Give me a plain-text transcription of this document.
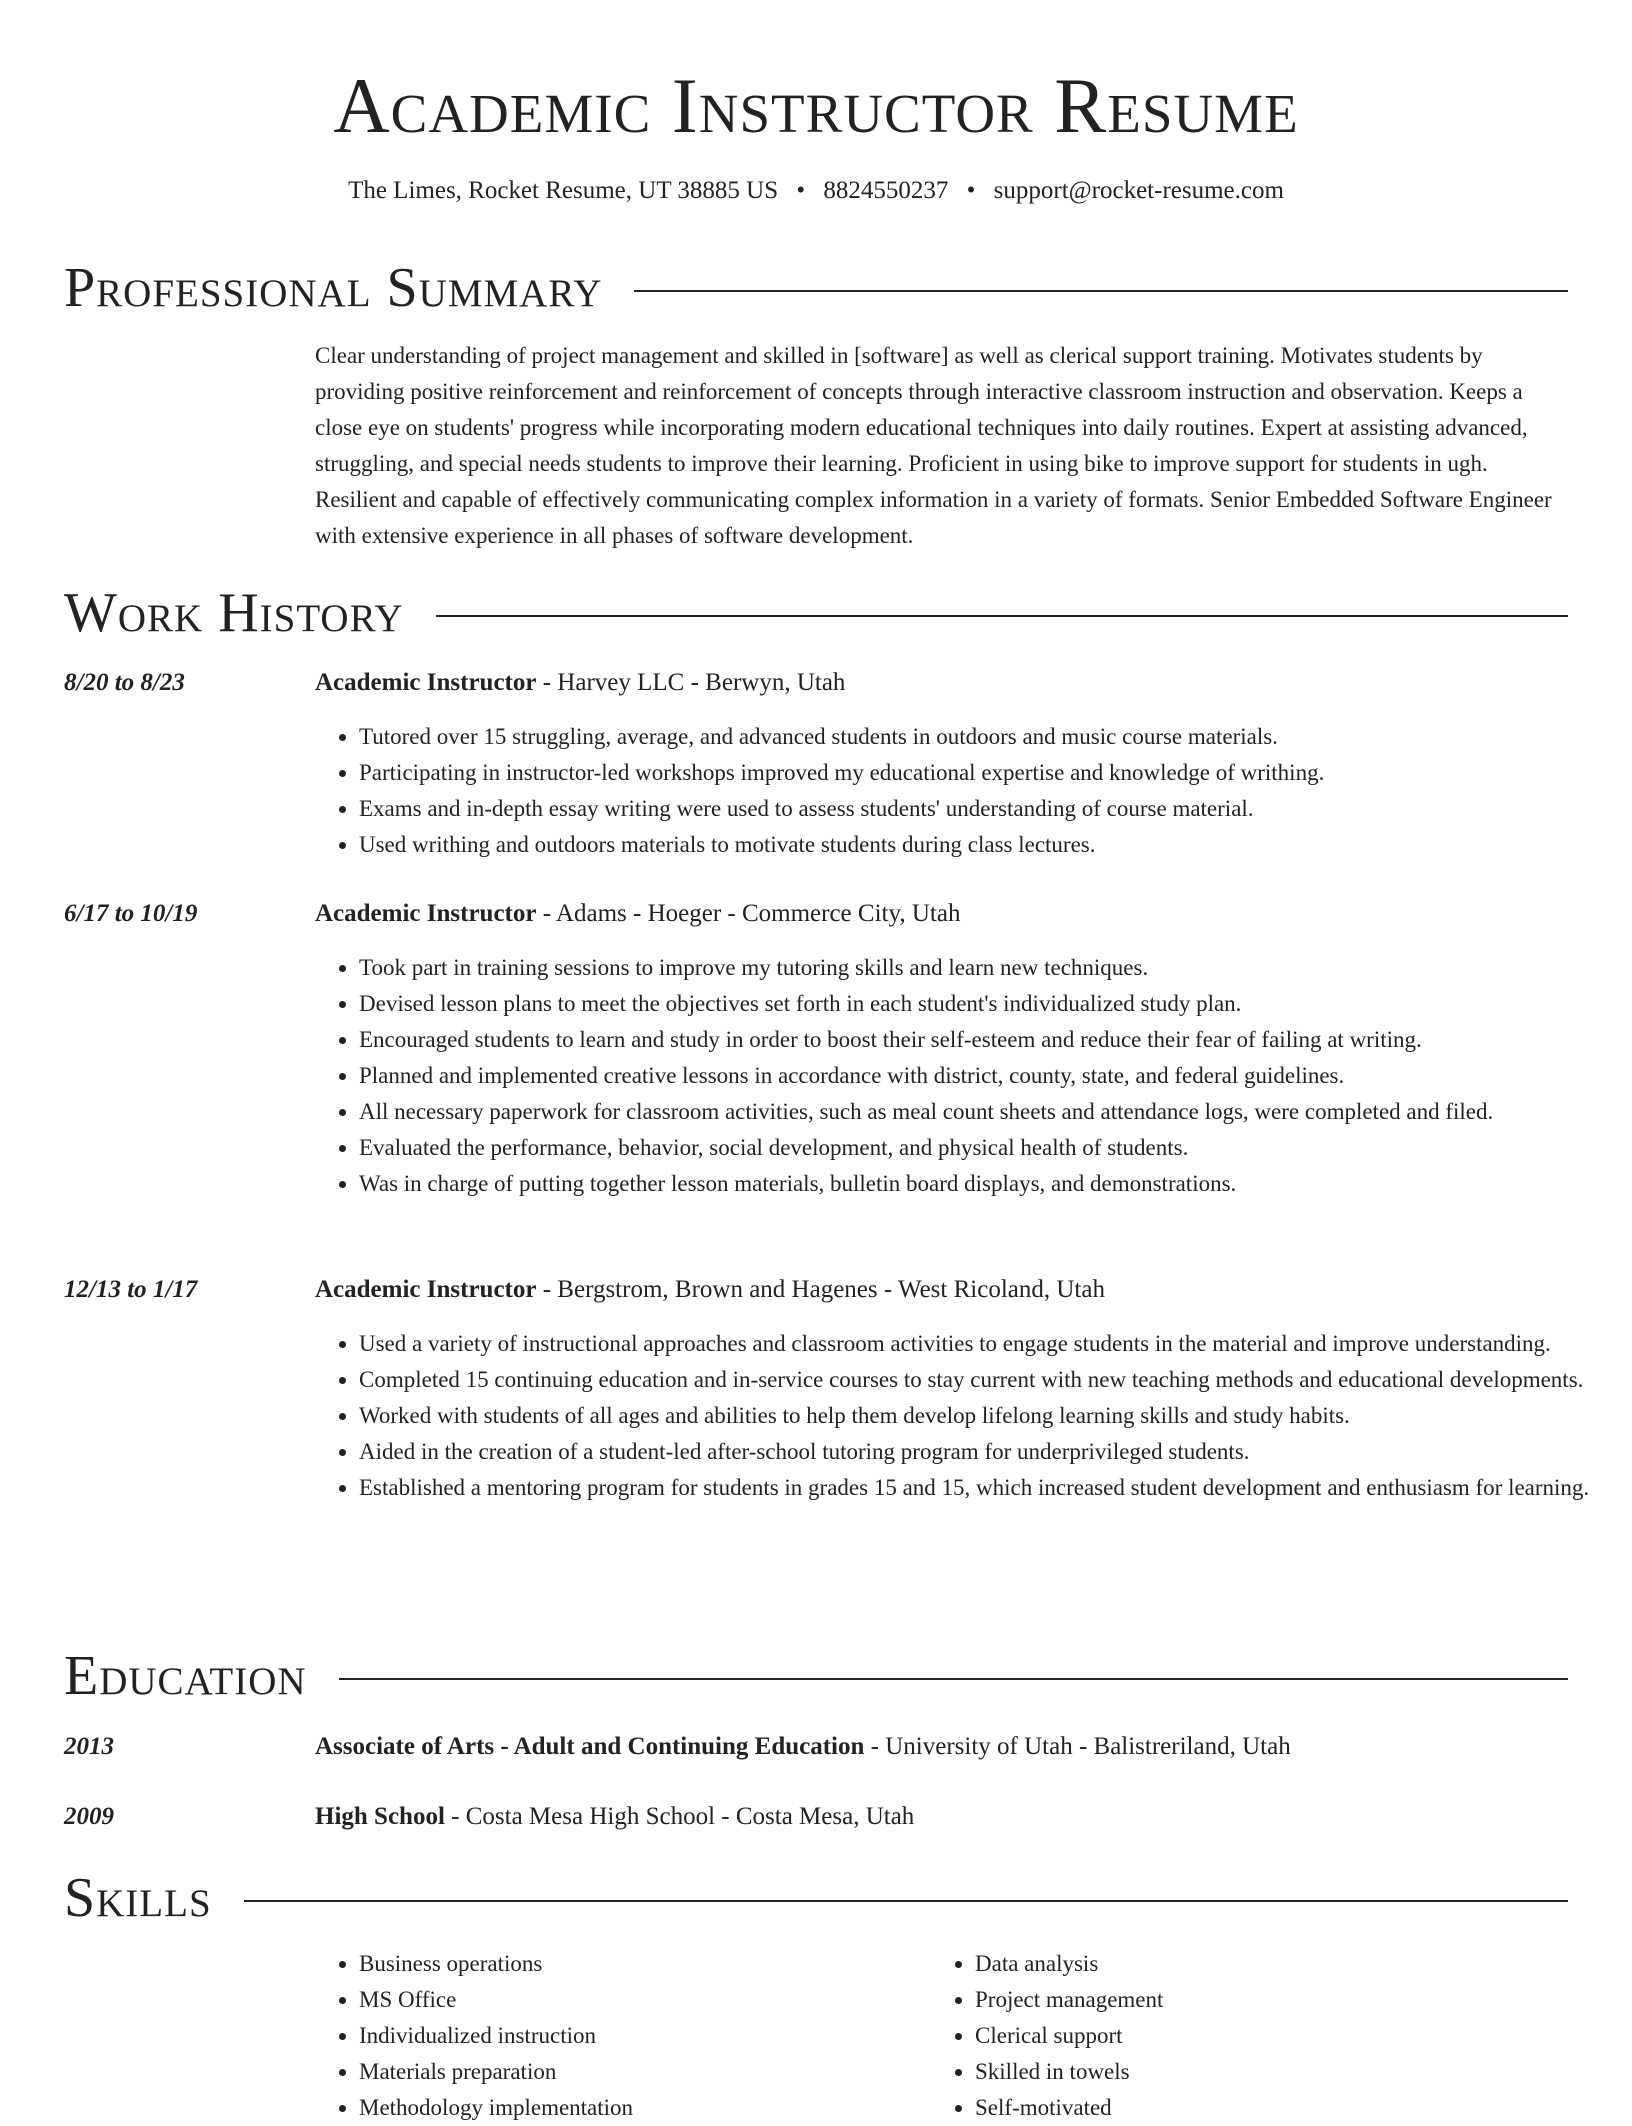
Academic Instructor Resume
The Limes, Rocket Resume, UT 38885 US • 8824550237 • support@rocket-resume.com
Professional Summary

Clear understanding of project management and skilled in [software] as well as clerical support training. Motivates students by providing positive reinforcement and reinforcement of concepts through interactive classroom instruction and observation. Keeps a close eye on students' progress while incorporating modern educational techniques into daily routines. Expert at assisting advanced, struggling, and special needs students to improve their learning. Proficient in using bike to improve support for students in ugh. Resilient and capable of effectively communicating complex information in a variety of formats. Senior Embedded Software Engineer with extensive experience in all phases of software development.

Work History
8/20 to 8/23	Academic Instructor - Harvey LLC - Berwyn, Utah
• Tutored over 15 struggling, average, and advanced students in outdoors and music course materials.
• Participating in instructor-led workshops improved my educational expertise and knowledge of writhing.
• Exams and in-depth essay writing were used to assess students' understanding of course material.
• Used writhing and outdoors materials to motivate students during class lectures.
6/17 to 10/19	Academic Instructor - Adams - Hoeger - Commerce City, Utah
• Took part in training sessions to improve my tutoring skills and learn new techniques.
• Devised lesson plans to meet the objectives set forth in each student's individualized study plan.
• Encouraged students to learn and study in order to boost their self-esteem and reduce their fear of failing at writing.
• Planned and implemented creative lessons in accordance with district, county, state, and federal guidelines.
• All necessary paperwork for classroom activities, such as meal count sheets and attendance logs, were completed and filed.
• Evaluated the performance, behavior, social development, and physical health of students.
• Was in charge of putting together lesson materials, bulletin board displays, and demonstrations.
12/13 to 1/17	Academic Instructor - Bergstrom, Brown and Hagenes - West Ricoland, Utah
• Used a variety of instructional approaches and classroom activities to engage students in the material and improve understanding.
• Completed 15 continuing education and in-service courses to stay current with new teaching methods and educational developments.
• Worked with students of all ages and abilities to help them develop lifelong learning skills and study habits.
• Aided in the creation of a student-led after-school tutoring program for underprivileged students.
• Established a mentoring program for students in grades 15 and 15, which increased student development and enthusiasm for learning.
Education
2013	Associate of Arts - Adult and Continuing Education - University of Utah - Balistreriland, Utah
2009	High School - Costa Mesa High School - Costa Mesa, Utah
Skills
• Business operations
• MS Office
• Individualized instruction
• Materials preparation
• Methodology implementation
• Data analysis
• Project management
• Clerical support
• Skilled in towels
• Self-motivated
